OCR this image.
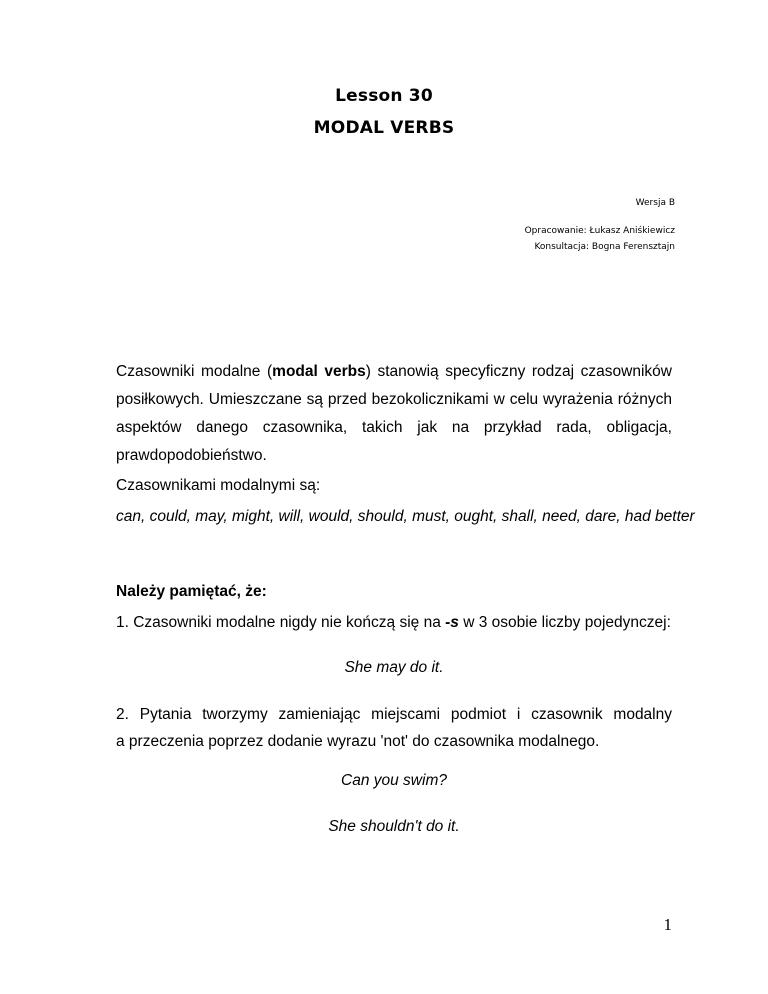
Lesson 30
MODAL VERBS
Wersja B
Opracowanie: Łukasz Aniśkiewicz
Konsultacja: Bogna Ferensztajn
Czasowniki modalne (modal verbs) stanowią specyficzny rodzaj czasowników
posiłkowych. Umieszczane są przed bezokolicznikami w celu wyrażenia różnych
aspektów danego czasownika, takich jak na przykład rada, obligacja,
prawdopodobieństwo.
Czasownikami modalnymi są:
can, could, may, might, will, would, should, must, ought, shall, need, dare, had better
Należy pamiętać, że:
1. Czasowniki modalne nigdy nie kończą się na -s w 3 osobie liczby pojedynczej:
She may do it.
2. Pytania tworzymy zamieniając miejscami podmiot i czasownik modalny
a przeczenia poprzez dodanie wyrazu 'not' do czasownika modalnego.
Can you swim?
She shouldn't do it.
1
